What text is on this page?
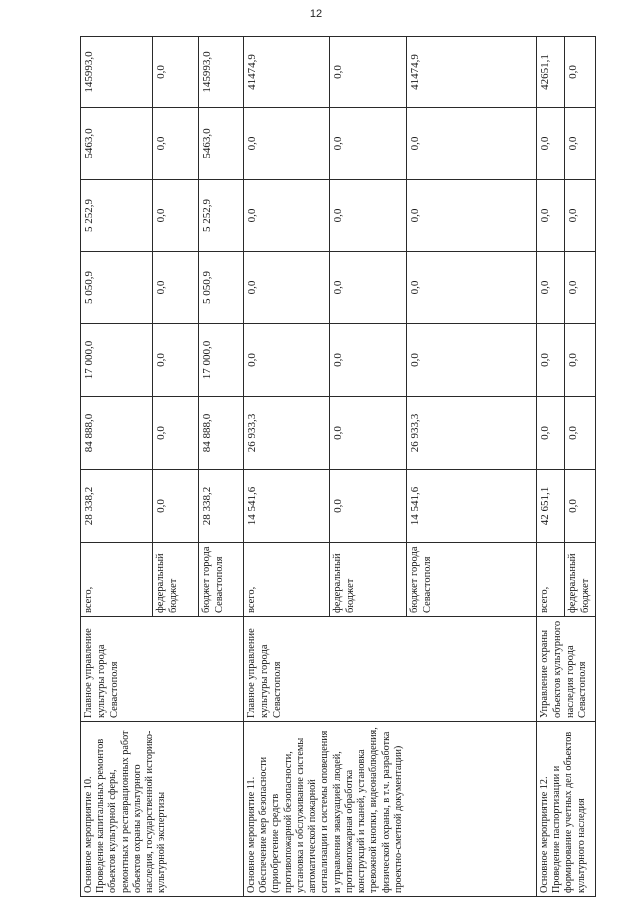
12
Основное мероприятие 10. Проведение капитальных ремонтов объектов культурной сферы, ремонтных и реставрационных работ объектов охраны культурного наследия, государственной историко-культурной экспертизы	Главное управление культуры города Севастополя	всего,	28 338,2	84 888,0	17 000,0	5 050,9	5 252,9	5463,0	145993,0
		федеральный бюджет	0,0	0,0	0,0	0,0	0,0	0,0	0,0
		бюджет города Севастополя	28 338,2	84 888,0	17 000,0	5 050,9	5 252,9	5463,0	145993,0
Основное мероприятие 11. Обеспечение мер безопасности (приобретение средств противопожарной безопасности, установка и обслуживание системы автоматической пожарной сигнализации и системы оповещения и управления эвакуацией людей, противопожарная обработка конструкций и тканей, установка тревожной кнопки, видеонаблюдения, физической охраны, в т.ч. разработка проектно-сметной документации)	Главное управление культуры города Севастополя	всего,	14 541,6	26 933,3	0,0	0,0	0,0	0,0	41474,9
		федеральный бюджет	0,0	0,0	0,0	0,0	0,0	0,0	0,0
		бюджет города Севастополя	14 541,6	26 933,3	0,0	0,0	0,0	0,0	41474,9
Основное мероприятие 12. Проведение паспортизации и формирование учетных дел объектов культурного наследия	Управление охраны объектов культурного наследия города Севастополя	всего,	42 651,1	0,0	0,0	0,0	0,0	0,0	42651,1
		федеральный бюджет	0,0	0,0	0,0	0,0	0,0	0,0	0,0
